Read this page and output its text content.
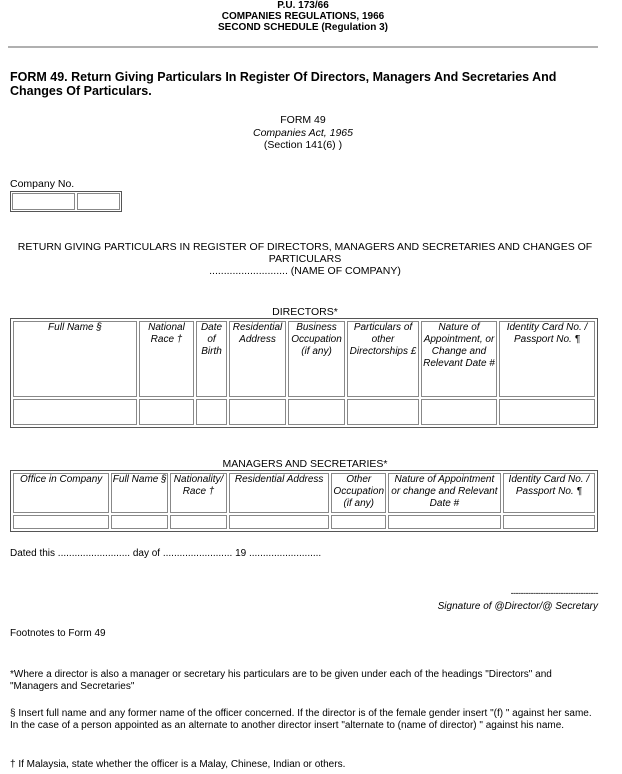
P.U. 173/66
COMPANIES REGULATIONS, 1966
SECOND SCHEDULE (Regulation 3)
FORM 49. Return Giving Particulars In Register Of Directors, Managers And Secretaries And Changes Of Particulars.
FORM 49
Companies Act, 1965
(Section 141(6) )
Company No.
RETURN GIVING PARTICULARS IN REGISTER OF DIRECTORS, MANAGERS AND SECRETARIES AND CHANGES OF PARTICULARS
........................... (NAME OF COMPANY)
DIRECTORS*
Full Name §	National Race †	Date of Birth	Residential Address	Business Occupation (if any)	Particulars of other Directorships £	Nature of Appointment, or Change and Relevant Date #	Identity Card No. / Passport No. ¶

MANAGERS AND SECRETARIES*
Office in Company	Full Name §	Nationality/ Race †	Residential Address	Other Occupation (if any)	Nature of Appointment or change and Relevant Date #	Identity Card No. / Passport No. ¶

Dated this .......................... day of ......................... 19 ..........................
-----------------------------------
Signature of @Director/@ Secretary
Footnotes to Form 49
*Where a director is also a manager or secretary his particulars are to be given under each of the headings "Directors" and "Managers and Secretaries"
§ Insert full name and any former name of the officer concerned. If the director is of the female gender insert "(f) " against her same. In the case of a person appointed as an alternate to another director insert "alternate to (name of director) " against his name.
† If Malaysia, state whether the officer is a Malay, Chinese, Indian or others.
